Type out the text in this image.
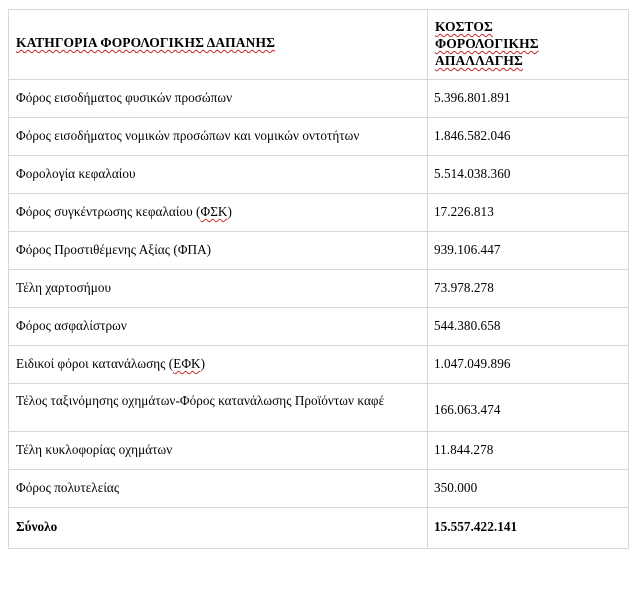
ΚΑΤΗΓΟΡΙΑ ΦΟΡΟΛΟΓΙΚΗΣ ΔΑΠΑΝΗΣ	ΚΟΣΤΟΣ
ΦΟΡΟΛΟΓΙΚΗΣ
ΑΠΑΛΛΑΓΗΣ

Φόρος εισοδήματος φυσικών προσώπων	5.396.801.891

Φόρος εισοδήματος νομικών προσώπων και νομικών οντοτήτων	1.846.582.046

Φορολογία κεφαλαίου	5.514.038.360

Φόρος συγκέντρωσης κεφαλαίου (ΦΣΚ)	17.226.813

Φόρος Προστιθέμενης Αξίας (ΦΠΑ)	939.106.447

Τέλη χαρτοσήμου	73.978.278

Φόρος ασφαλίστρων	544.380.658

Ειδικοί φόροι κατανάλωσης (ΕΦΚ)	1.047.049.896

Τέλος ταξινόμησης οχημάτων-Φόρος κατανάλωσης Προϊόντων καφέ	166.063.474

Τέλη κυκλοφορίας οχημάτων	11.844.278

Φόρος πολυτελείας	350.000

Σύνολο	15.557.422.141
